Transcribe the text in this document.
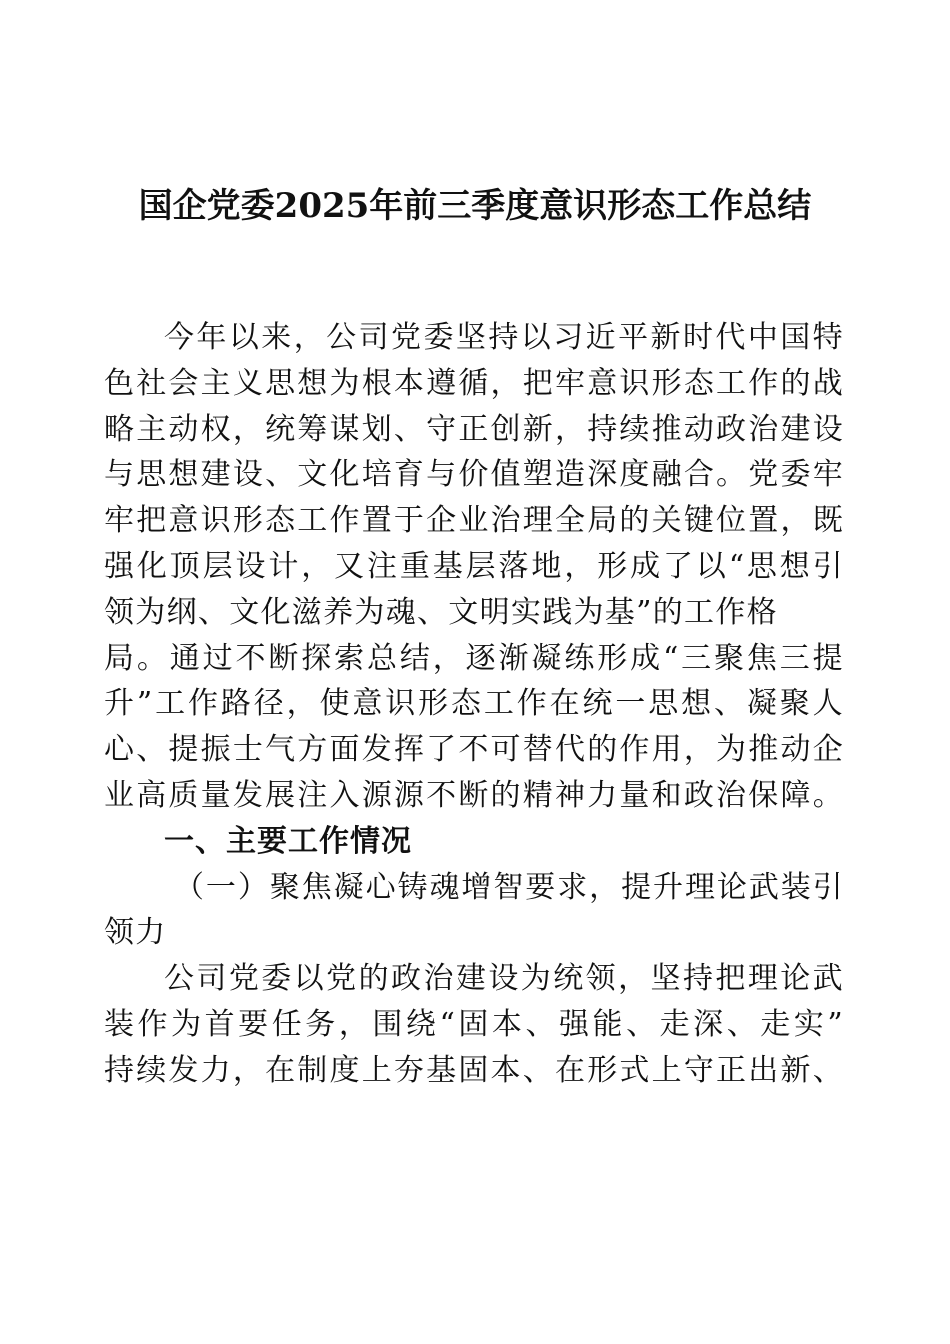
国企党委2025年前三季度意识形态工作总结
今年以来，公司党委坚持以习近平新时代中国特
色社会主义思想为根本遵循，把牢意识形态工作的战
略主动权，统筹谋划、守正创新，持续推动政治建设
与思想建设、文化培育与价值塑造深度融合。党委牢
牢把意识形态工作置于企业治理全局的关键位置，既
强化顶层设计，又注重基层落地，形成了以“思想引
领为纲、文化滋养为魂、文明实践为基”的工作格
局。通过不断探索总结，逐渐凝练形成“三聚焦三提
升”工作路径，使意识形态工作在统一思想、凝聚人
心、提振士气方面发挥了不可替代的作用，为推动企
业高质量发展注入源源不断的精神力量和政治保障。
一、主要工作情况
（一）聚焦凝心铸魂增智要求，提升理论武装引
领力
公司党委以党的政治建设为统领，坚持把理论武
装作为首要任务，围绕“固本、强能、走深、走实”
持续发力，在制度上夯基固本、在形式上守正出新、
